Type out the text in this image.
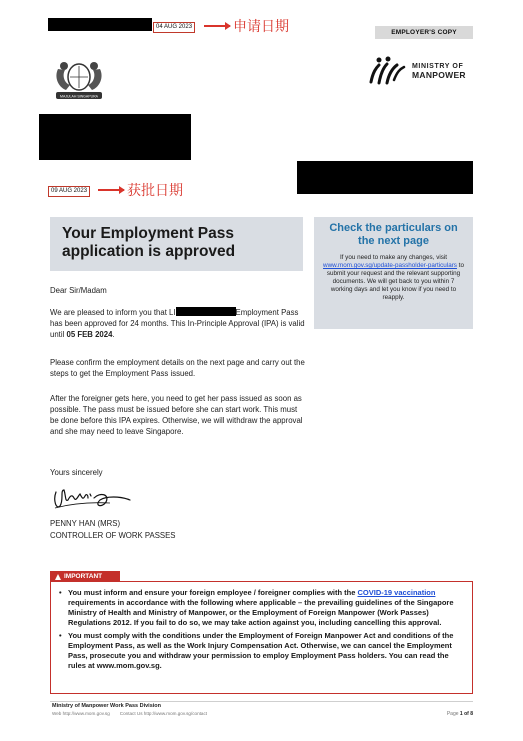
04 AUG 2023	申请日期	EMPLOYER'S COPY
MAJULAH SINGAPURA
MINISTRY OF
MANPOWER
09 AUG 2023	获批日期
Your Employment Pass application is approved
Check the particulars on the next page
If you need to make any changes, visit www.mom.gov.sg/update-passholder-particulars to submit your request and the relevant supporting documents. We will get back to you within 7 working days and let you know if you need to reapply.
Dear Sir/Madam
We are pleased to inform you that LI	Employment Pass has been approved for 24 months. This In-Principle Approval (IPA) is valid until 05 FEB 2024.
Please confirm the employment details on the next page and carry out the steps to get the Employment Pass issued.
After the foreigner gets here, you need to get her pass issued as soon as possible. The pass must be issued before she can start work. This must be done before this IPA expires. Otherwise, we will withdraw the approval and she may need to leave Singapore.
Yours sincerely
PENNY HAN (MRS)
CONTROLLER OF WORK PASSES
IMPORTANT
• You must inform and ensure your foreign employee / foreigner complies with the COVID-19 vaccination requirements in accordance with the following where applicable – the prevailing guidelines of the Singapore Ministry of Health and Ministry of Manpower, or the Employment of Foreign Manpower (Work Passes) Regulations 2012. If you fail to do so, we may take action against you, including cancelling this approval.
• You must comply with the conditions under the Employment of Foreign Manpower Act and conditions of the Employment Pass, as well as the Work Injury Compensation Act. Otherwise, we can cancel the Employment Pass, prosecute you and withdraw your permission to employ Employment Pass holders. You can read the rules at www.mom.gov.sg.
Ministry of Manpower Work Pass Division
Web http://www.mom.gov.sg Contact Us http://www.mom.gov.sg/contact	Page 1 of 8
